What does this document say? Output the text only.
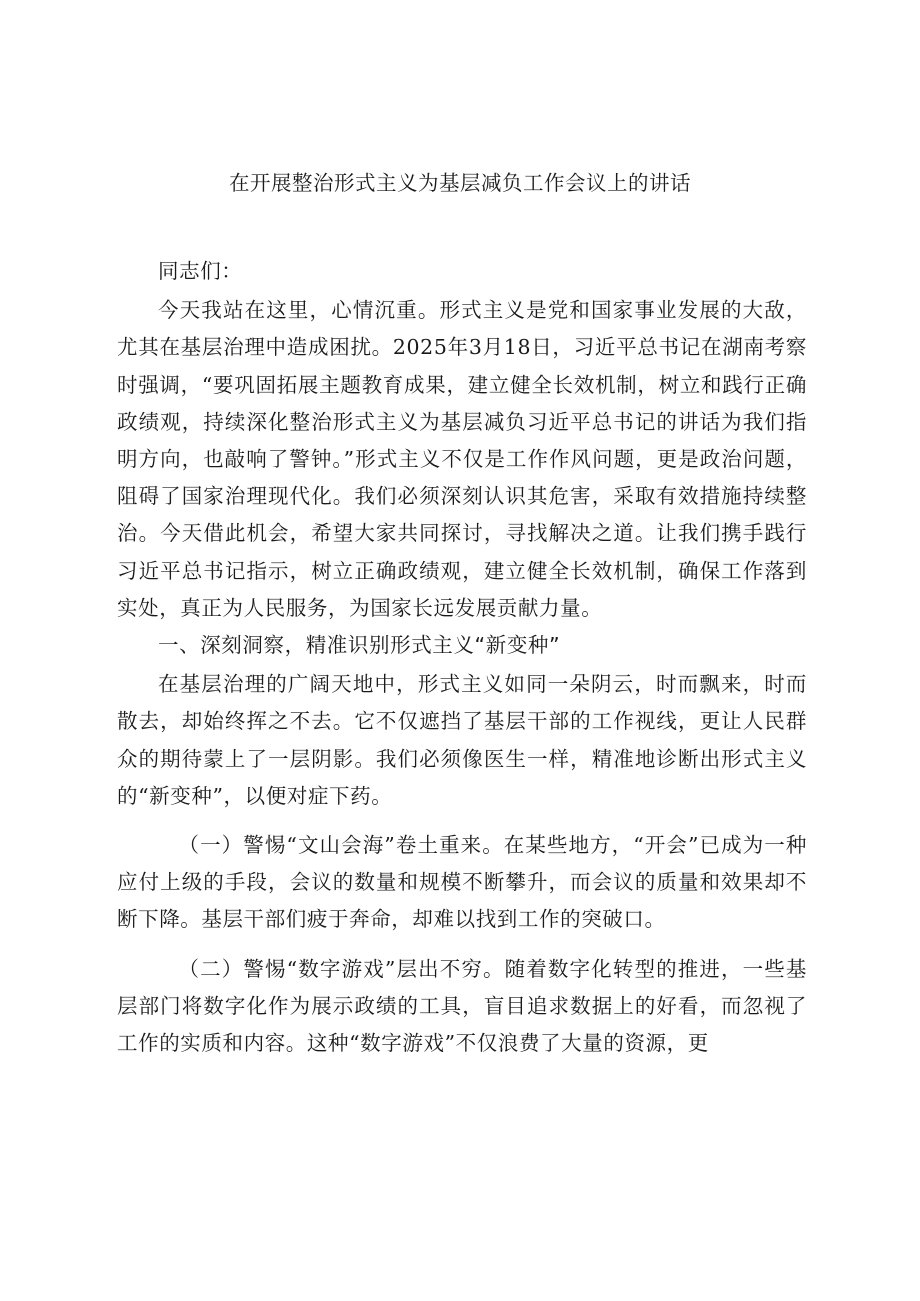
在开展整治形式主义为基层减负工作会议上的讲话

同志们：

今天我站在这里，心情沉重。形式主义是党和国家事业发展的大敌，尤其在基层治理中造成困扰。2025年3月18日，习近平总书记在湖南考察时强调，“要巩固拓展主题教育成果，建立健全长效机制，树立和践行正确政绩观，持续深化整治形式主义为基层减负习近平总书记的讲话为我们指明方向，也敲响了警钟。”形式主义不仅是工作作风问题，更是政治问题，阻碍了国家治理现代化。我们必须深刻认识其危害，采取有效措施持续整治。今天借此机会，希望大家共同探讨，寻找解决之道。让我们携手践行习近平总书记指示，树立正确政绩观，建立健全长效机制，确保工作落到实处，真正为人民服务，为国家长远发展贡献力量。

一、深刻洞察，精准识别形式主义“新变种”

在基层治理的广阔天地中，形式主义如同一朵阴云，时而飘来，时而散去，却始终挥之不去。它不仅遮挡了基层干部的工作视线，更让人民群众的期待蒙上了一层阴影。我们必须像医生一样，精准地诊断出形式主义的“新变种”，以便对症下药。

（一）警惕“文山会海”卷土重来。在某些地方，“开会”已成为一种应付上级的手段，会议的数量和规模不断攀升，而会议的质量和效果却不断下降。基层干部们疲于奔命，却难以找到工作的突破口。

（二）警惕“数字游戏”层出不穷。随着数字化转型的推进，一些基层部门将数字化作为展示政绩的工具，盲目追求数据上的好看，而忽视了工作的实质和内容。这种“数字游戏”不仅浪费了大量的资源，更
